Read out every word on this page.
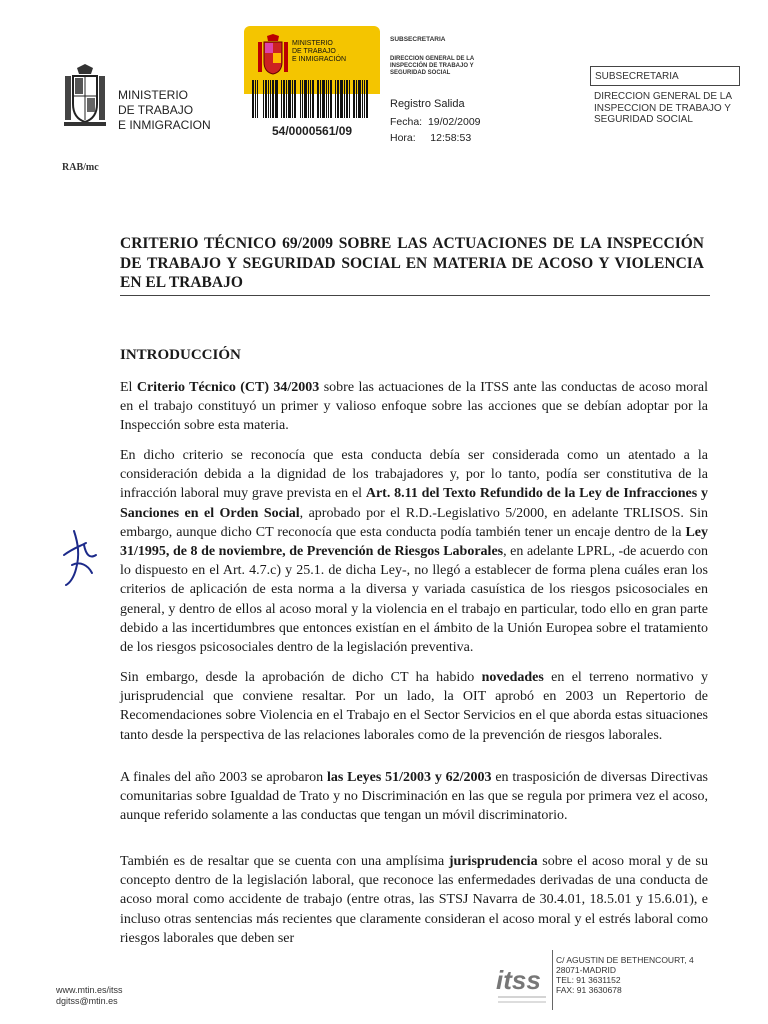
MINISTERIO
DE TRABAJO
E INMIGRACION
MINISTERIO
DE TRABAJO
E INMIGRACIÓN
54/0000561/09
SUBSECRETARIA
DIRECCION GENERAL DE LA
INSPECCIÓN DE TRABAJO Y
SEGURIDAD SOCIAL
Registro Salida
Fecha: 19/02/2009
Hora: 12:58:53
SUBSECRETARIA
DIRECCION GENERAL DE LA
INSPECCION DE TRABAJO Y
SEGURIDAD SOCIAL
RAB/mc
CRITERIO TÉCNICO 69/2009 SOBRE LAS ACTUACIONES DE LA INSPECCIÓN DE TRABAJO Y SEGURIDAD SOCIAL EN MATERIA DE ACOSO Y VIOLENCIA EN EL TRABAJO
INTRODUCCIÓN
El Criterio Técnico (CT) 34/2003 sobre las actuaciones de la ITSS ante las conductas de acoso moral en el trabajo constituyó un primer y valioso enfoque sobre las acciones que se debían adoptar por la Inspección sobre esta materia.
En dicho criterio se reconocía que esta conducta debía ser considerada como un atentado a la consideración debida a la dignidad de los trabajadores y, por lo tanto, podía ser constitutiva de la infracción laboral muy grave prevista en el Art. 8.11 del Texto Refundido de la Ley de Infracciones y Sanciones en el Orden Social, aprobado por el R.D.-Legislativo 5/2000, en adelante TRLISOS. Sin embargo, aunque dicho CT reconocía que esta conducta podía también tener un encaje dentro de la Ley 31/1995, de 8 de noviembre, de Prevención de Riesgos Laborales, en adelante LPRL, -de acuerdo con lo dispuesto en el Art. 4.7.c) y 25.1. de dicha Ley-, no llegó a establecer de forma plena cuáles eran los criterios de aplicación de esta norma a la diversa y variada casuística de los riesgos psicosociales en general, y dentro de ellos al acoso moral y la violencia en el trabajo en particular, todo ello en gran parte debido a las incertidumbres que entonces existían en el ámbito de la Unión Europea sobre el tratamiento de los riesgos psicosociales dentro de la legislación preventiva.
Sin embargo, desde la aprobación de dicho CT ha habido novedades en el terreno normativo y jurisprudencial que conviene resaltar. Por un lado, la OIT aprobó en 2003 un Repertorio de Recomendaciones sobre Violencia en el Trabajo en el Sector Servicios en el que aborda estas situaciones tanto desde la perspectiva de las relaciones laborales como de la prevención de riesgos laborales.
A finales del año 2003 se aprobaron las Leyes 51/2003 y 62/2003 en trasposición de diversas Directivas comunitarias sobre Igualdad de Trato y no Discriminación en las que se regula por primera vez el acoso, aunque referido solamente a las conductas que tengan un móvil discriminatorio.
También es de resaltar que se cuenta con una amplísima jurisprudencia sobre el acoso moral y de su concepto dentro de la legislación laboral, que reconoce las enfermedades derivadas de una conducta de acoso moral como accidente de trabajo (entre otras, las STSJ Navarra de 30.4.01, 18.5.01 y 15.6.01), e incluso otras sentencias más recientes que claramente consideran el acoso moral y el estrés laboral como riesgos laborales que deben ser
www.mtin.es/itss
dgitss@mtin.es
itss
C/ AGUSTIN DE BETHENCOURT, 4
28071-MADRID
TEL: 91 3631152
FAX: 91 3630678
